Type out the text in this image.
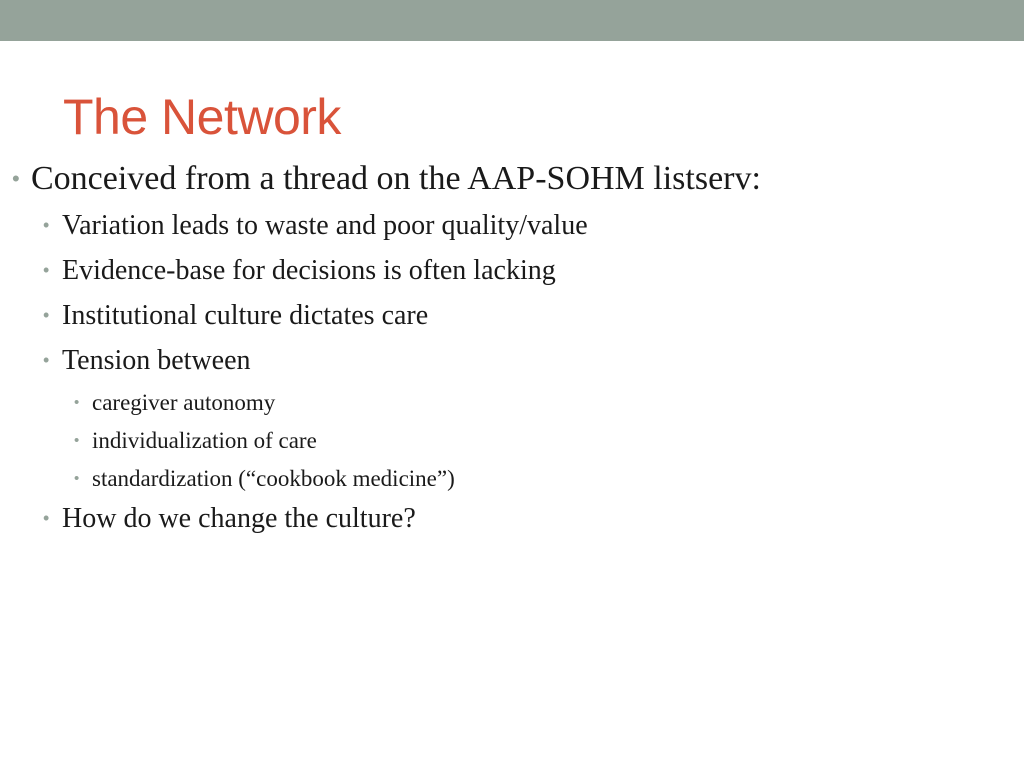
The Network
• Conceived from a thread on the AAP-SOHM listserv:
• Variation leads to waste and poor quality/value
• Evidence-base for decisions is often lacking
• Institutional culture dictates care
• Tension between
• caregiver autonomy
• individualization of care
• standardization (“cookbook medicine”)
• How do we change the culture?
